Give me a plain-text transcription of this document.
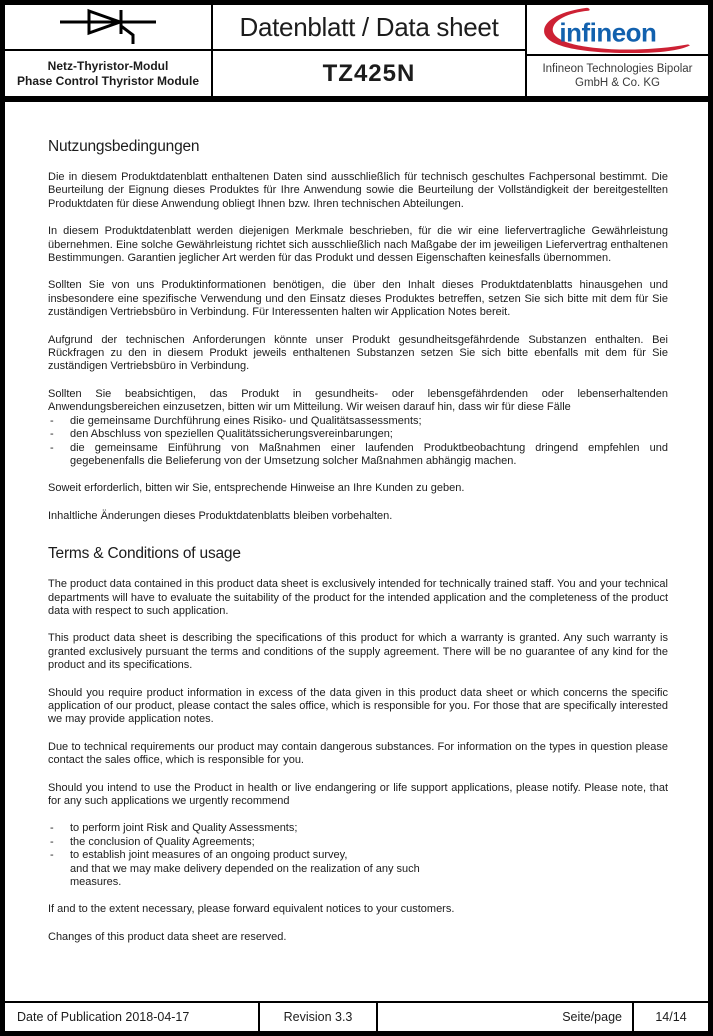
Netz-Thyristor-Modul
Phase Control Thyristor Module
Datenblatt / Data sheet
TZ425N
infineon
Infineon Technologies Bipolar
GmbH & Co. KG
Nutzungsbedingungen

Die in diesem Produktdatenblatt enthaltenen Daten sind ausschließlich für technisch geschultes Fachpersonal bestimmt. Die Beurteilung der Eignung dieses Produktes für Ihre Anwendung sowie die Beurteilung der Vollständigkeit der bereitgestellten Produktdaten für diese Anwendung obliegt Ihnen bzw. Ihren technischen Abteilungen.

In diesem Produktdatenblatt werden diejenigen Merkmale beschrieben, für die wir eine liefervertragliche Gewährleistung übernehmen. Eine solche Gewährleistung richtet sich ausschließlich nach Maßgabe der im jeweiligen Liefervertrag enthaltenen Bestimmungen. Garantien jeglicher Art werden für das Produkt und dessen Eigenschaften keinesfalls übernommen.

Sollten Sie von uns Produktinformationen benötigen, die über den Inhalt dieses Produktdatenblatts hinausgehen und insbesondere eine spezifische Verwendung und den Einsatz dieses Produktes betreffen, setzen Sie sich bitte mit dem für Sie zuständigen Vertriebsbüro in Verbindung. Für Interessenten halten wir Application Notes bereit.

Aufgrund der technischen Anforderungen könnte unser Produkt gesundheitsgefährdende Substanzen enthalten. Bei Rückfragen zu den in diesem Produkt jeweils enthaltenen Substanzen setzen Sie sich bitte ebenfalls mit dem für Sie zuständigen Vertriebsbüro in Verbindung.

Sollten Sie beabsichtigen, das Produkt in gesundheits- oder lebensgefährdenden oder lebenserhaltenden Anwendungsbereichen einzusetzen, bitten wir um Mitteilung. Wir weisen darauf hin, dass wir für diese Fälle

-	die gemeinsame Durchführung eines Risiko- und Qualitätsassessments;
-	den Abschluss von speziellen Qualitätssicherungsvereinbarungen;
-	die gemeinsame Einführung von Maßnahmen einer laufenden Produktbeobachtung dringend empfehlen und gegebenenfalls die Belieferung von der Umsetzung solcher Maßnahmen abhängig machen.

Soweit erforderlich, bitten wir Sie, entsprechende Hinweise an Ihre Kunden zu geben.

Inhaltliche Änderungen dieses Produktdatenblatts bleiben vorbehalten.

Terms & Conditions of usage

The product data contained in this product data sheet is exclusively intended for technically trained staff. You and your technical departments will have to evaluate the suitability of the product for the intended application and the completeness of the product data with respect to such application.

This product data sheet is describing the specifications of this product for which a warranty is granted. Any such warranty is granted exclusively pursuant the terms and conditions of the supply agreement. There will be no guarantee of any kind for the product and its specifications.

Should you require product information in excess of the data given in this product data sheet or which concerns the specific application of our product, please contact the sales office, which is responsible for you. For those that are specifically interested we may provide application notes.

Due to technical requirements our product may contain dangerous substances. For information on the types in question please contact the sales office, which is responsible for you.

Should you intend to use the Product in health or live endangering or life support applications, please notify. Please note, that for any such applications we urgently recommend

-	to perform joint Risk and Quality Assessments;
-	the conclusion of Quality Agreements;
-	to establish joint measures of an ongoing product survey,
and that we may make delivery depended on the realization of any such
measures.

If and to the extent necessary, please forward equivalent notices to your customers.

Changes of this product data sheet are reserved.

Date of Publication 2018-04-17	Revision 3.3	Seite/page	14/14
